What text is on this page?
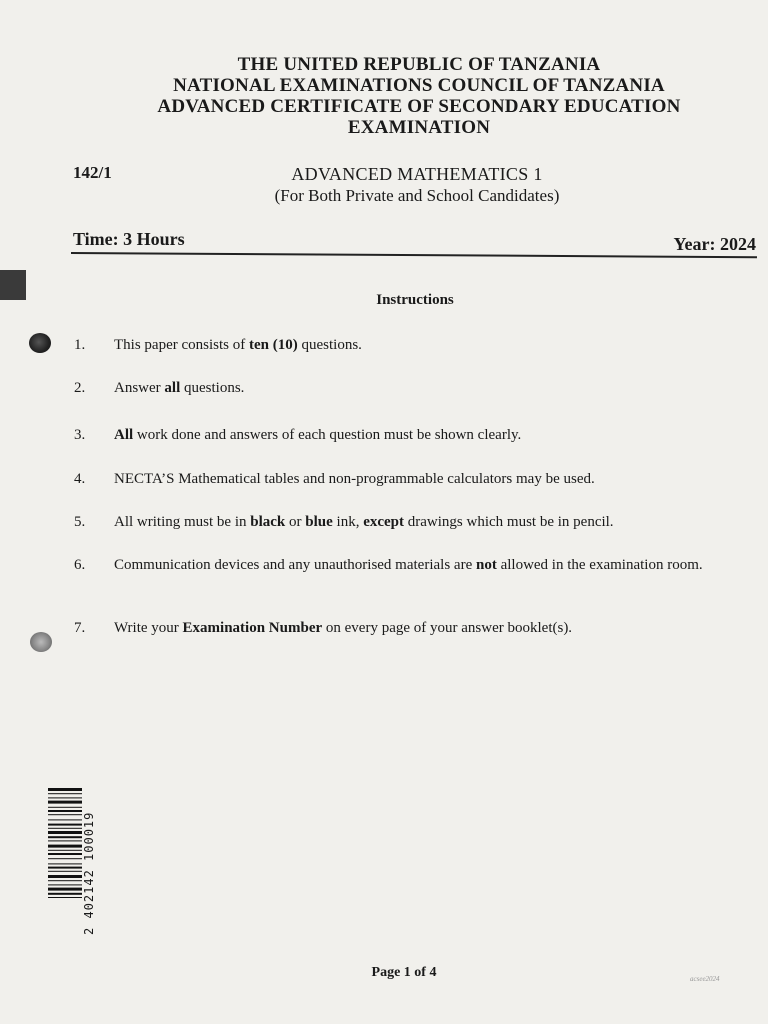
THE UNITED REPUBLIC OF TANZANIA
NATIONAL EXAMINATIONS COUNCIL OF TANZANIA
ADVANCED CERTIFICATE OF SECONDARY EDUCATION
EXAMINATION
142/1	ADVANCED MATHEMATICS 1
(For Both Private and School Candidates)
Time: 3 Hours	Year: 2024
Instructions
1. This paper consists of ten (10) questions.
2. Answer all questions.
3. All work done and answers of each question must be shown clearly.
4. NECTA’S Mathematical tables and non-programmable calculators may be used.
5. All writing must be in black or blue ink, except drawings which must be in pencil.
6. Communication devices and any unauthorised materials are not allowed in the examination room.
7. Write your Examination Number on every page of your answer booklet(s).
2 402142 100019
Page 1 of 4	acsee2024
